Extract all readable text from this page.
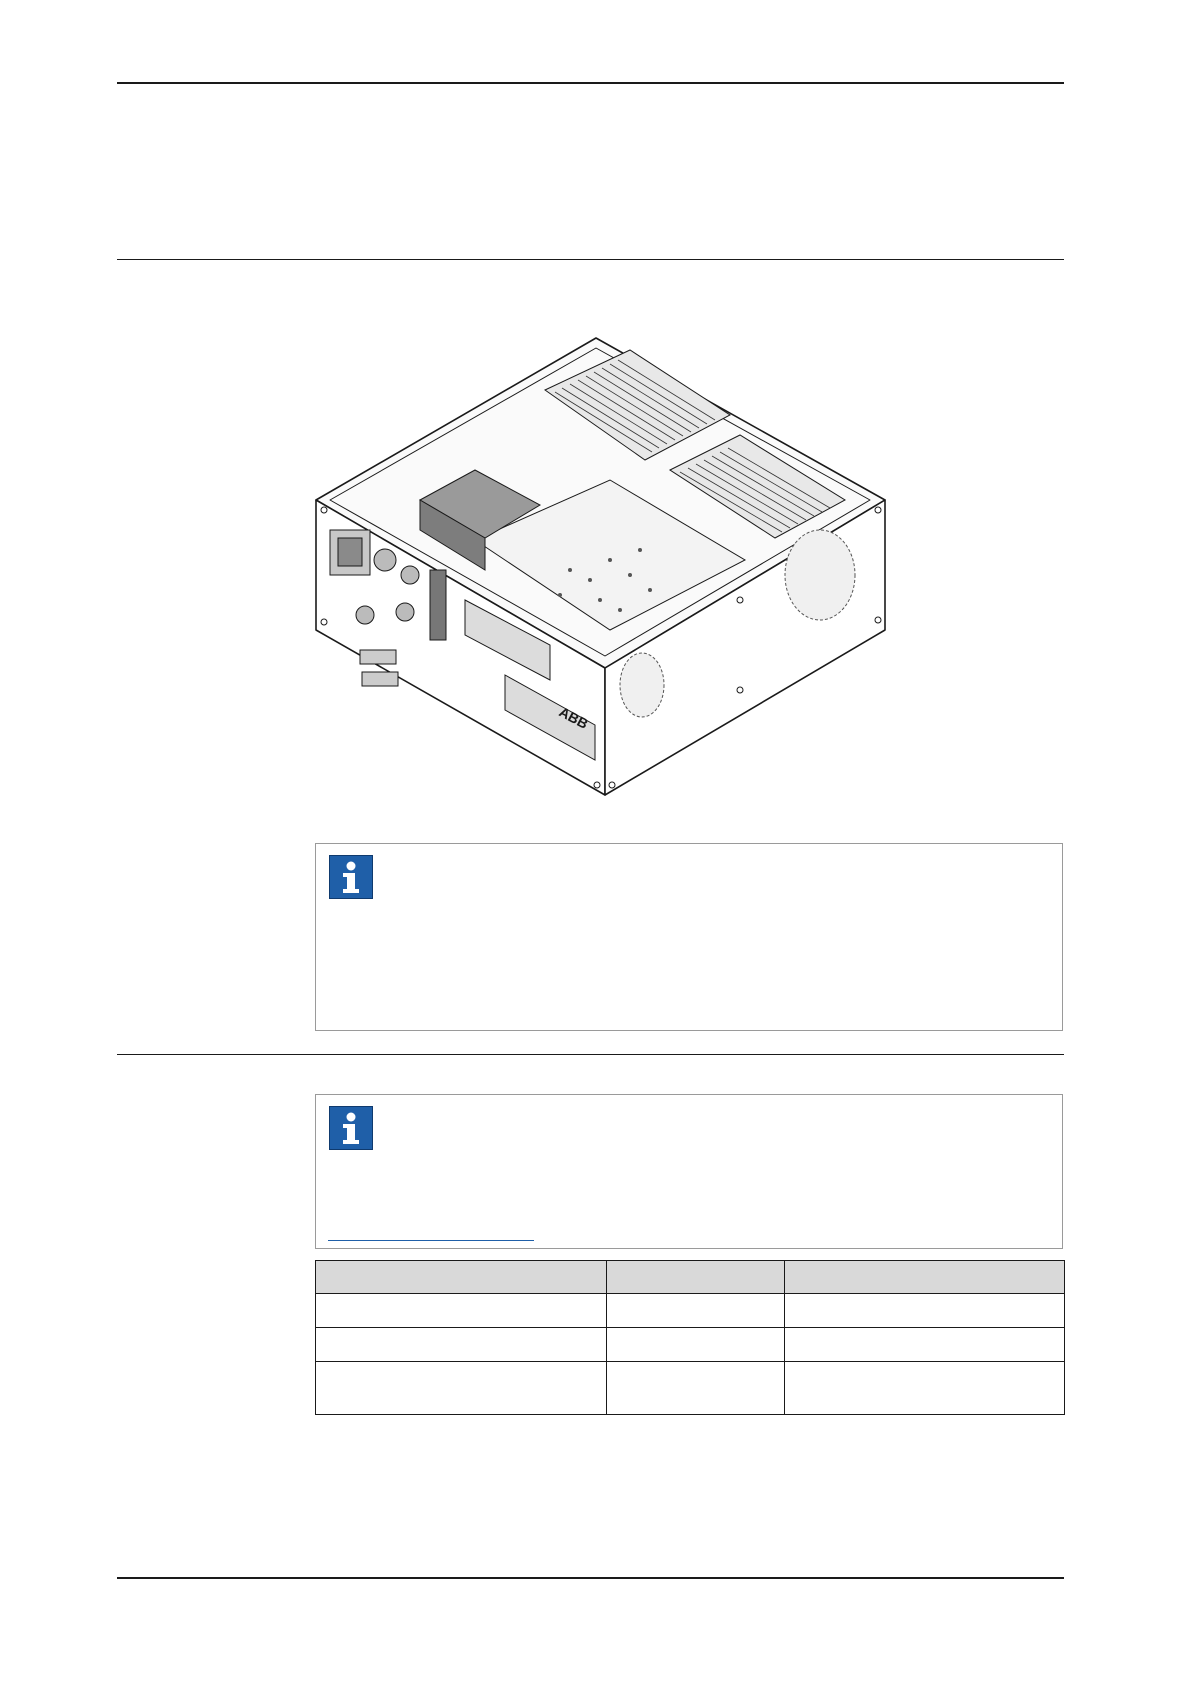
ABB
